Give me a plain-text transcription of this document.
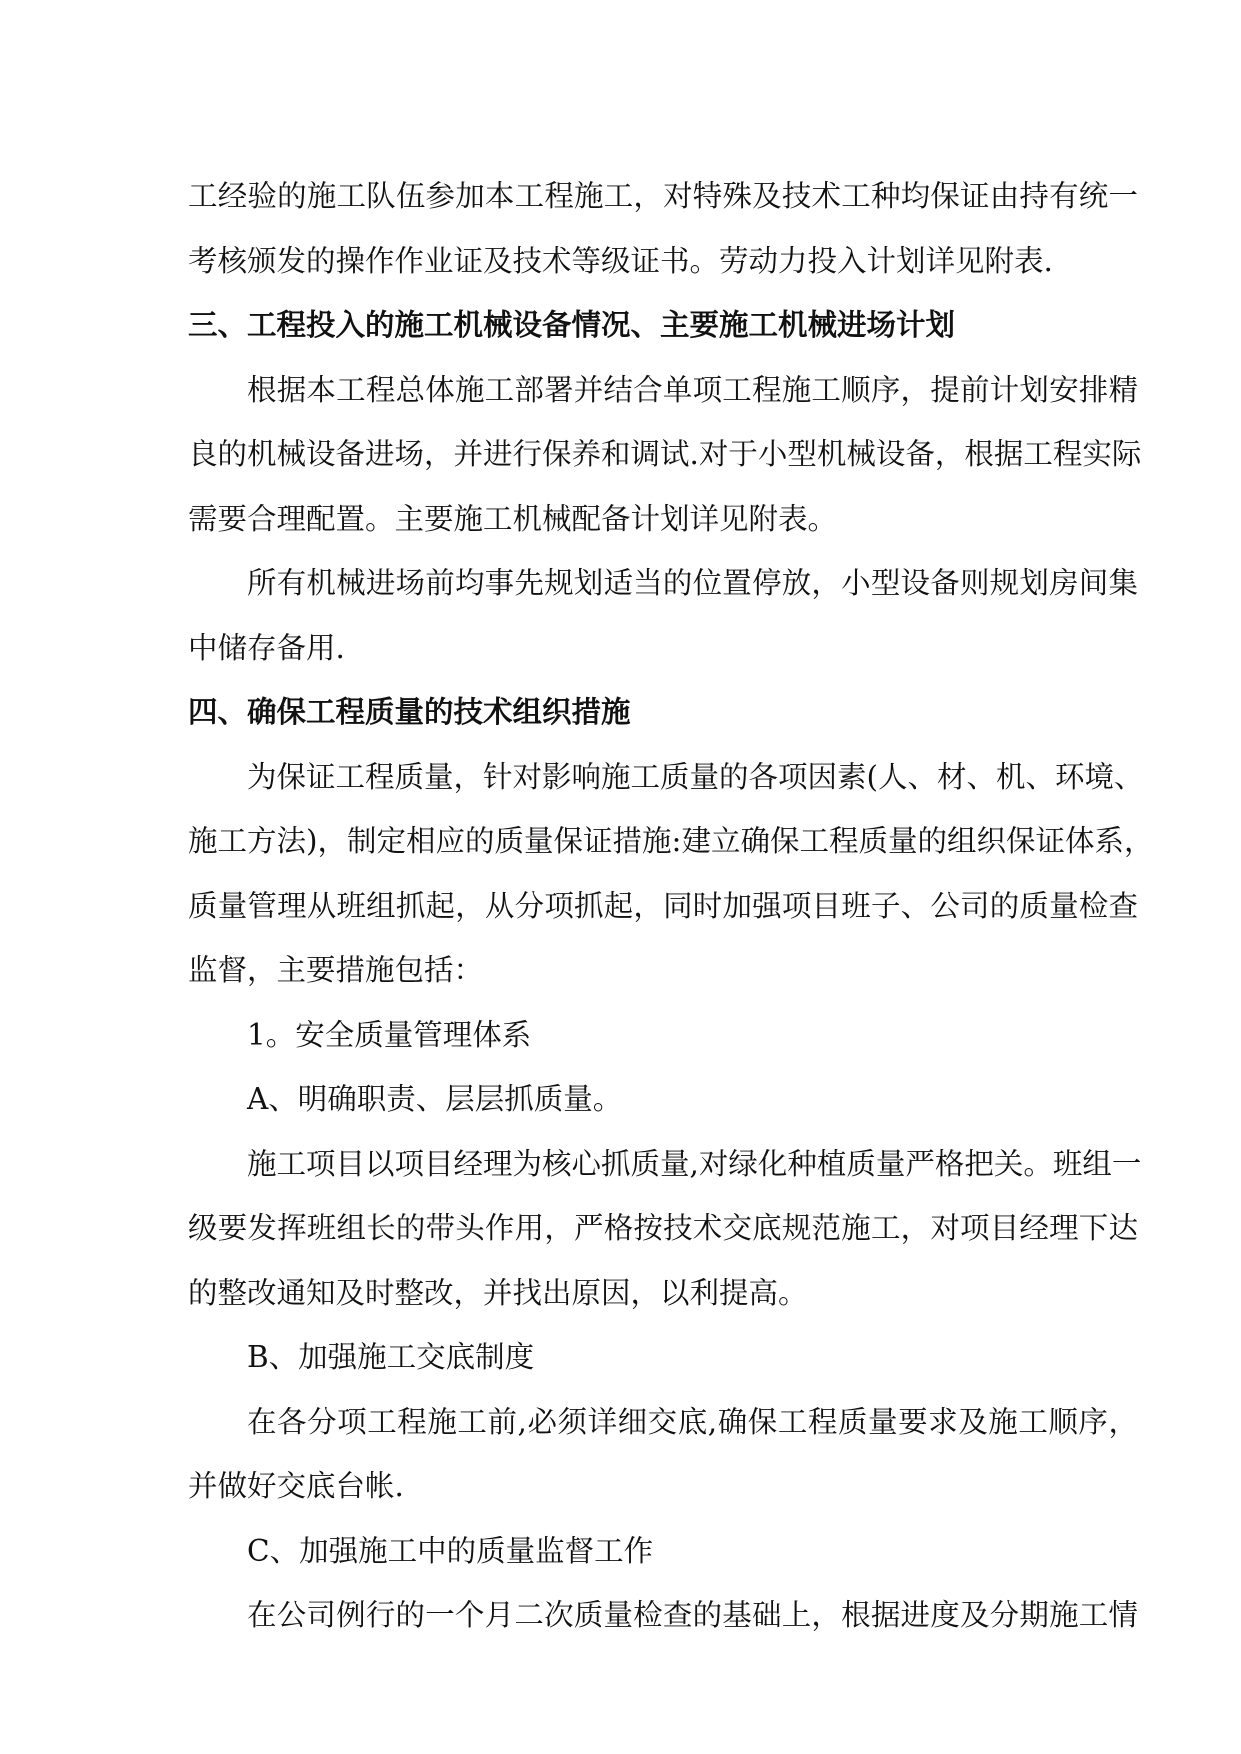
工经验的施工队伍参加本工程施工，对特殊及技术工种均保证由持有统一
考核颁发的操作作业证及技术等级证书。劳动力投入计划详见附表.
三、工程投入的施工机械设备情况、主要施工机械进场计划
根据本工程总体施工部署并结合单项工程施工顺序，提前计划安排精
良的机械设备进场，并进行保养和调试.对于小型机械设备，根据工程实际
需要合理配置。主要施工机械配备计划详见附表。
所有机械进场前均事先规划适当的位置停放，小型设备则规划房间集
中储存备用.
四、确保工程质量的技术组织措施
为保证工程质量，针对影响施工质量的各项因素(人、材、机、环境、
施工方法)，制定相应的质量保证措施:建立确保工程质量的组织保证体系，
质量管理从班组抓起，从分项抓起，同时加强项目班子、公司的质量检查
监督，主要措施包括：
1。安全质量管理体系
A、明确职责、层层抓质量。
施工项目以项目经理为核心抓质量,对绿化种植质量严格把关。班组一
级要发挥班组长的带头作用，严格按技术交底规范施工，对项目经理下达
的整改通知及时整改，并找出原因，以利提高。
B、加强施工交底制度
在各分项工程施工前,必须详细交底,确保工程质量要求及施工顺序，
并做好交底台帐.
C、加强施工中的质量监督工作
在公司例行的一个月二次质量检查的基础上，根据进度及分期施工情
